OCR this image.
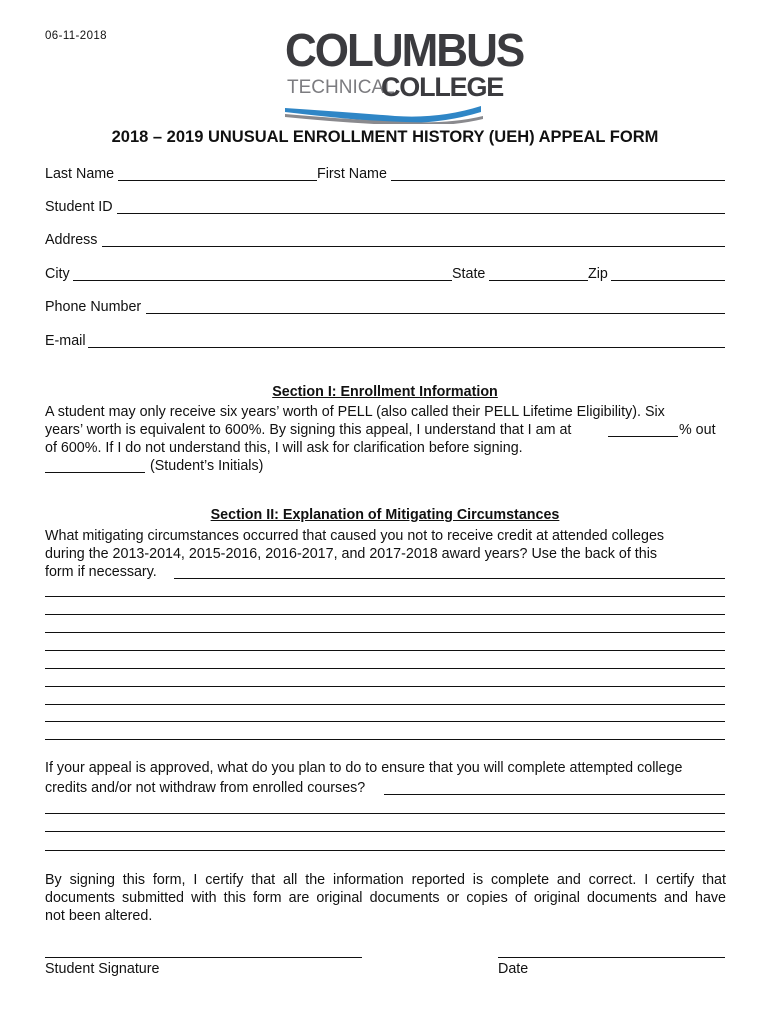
06-11-2018	COLUMBUS
TECHNICAL
COLLEGE
2018 – 2019 UNUSUAL ENROLLMENT HISTORY (UEH) APPEAL FORM
Last Name	First Name
Student ID
Address
City	State	Zip
Phone Number
E-mail
Section I: Enrollment Information
A student may only receive six years’ worth of PELL (also called their PELL Lifetime Eligibility). Six
years’ worth is equivalent to 600%. By signing this appeal, I understand that I am at	% out
of 600%. If I do not understand this, I will ask for clarification before signing.
(Student’s Initials)
Section II: Explanation of Mitigating Circumstances
What mitigating circumstances occurred that caused you not to receive credit at attended colleges
during the 2013-2014, 2015-2016, 2016-2017, and 2017-2018 award years? Use the back of this
form if necessary.
If your appeal is approved, what do you plan to do to ensure that you will complete attempted college
credits and/or not withdraw from enrolled courses?
By signing this form, I certify that all the information reported is complete and correct. I certify that
documents submitted with this form are original documents or copies of original documents and have
not been altered.
Student Signature	Date
